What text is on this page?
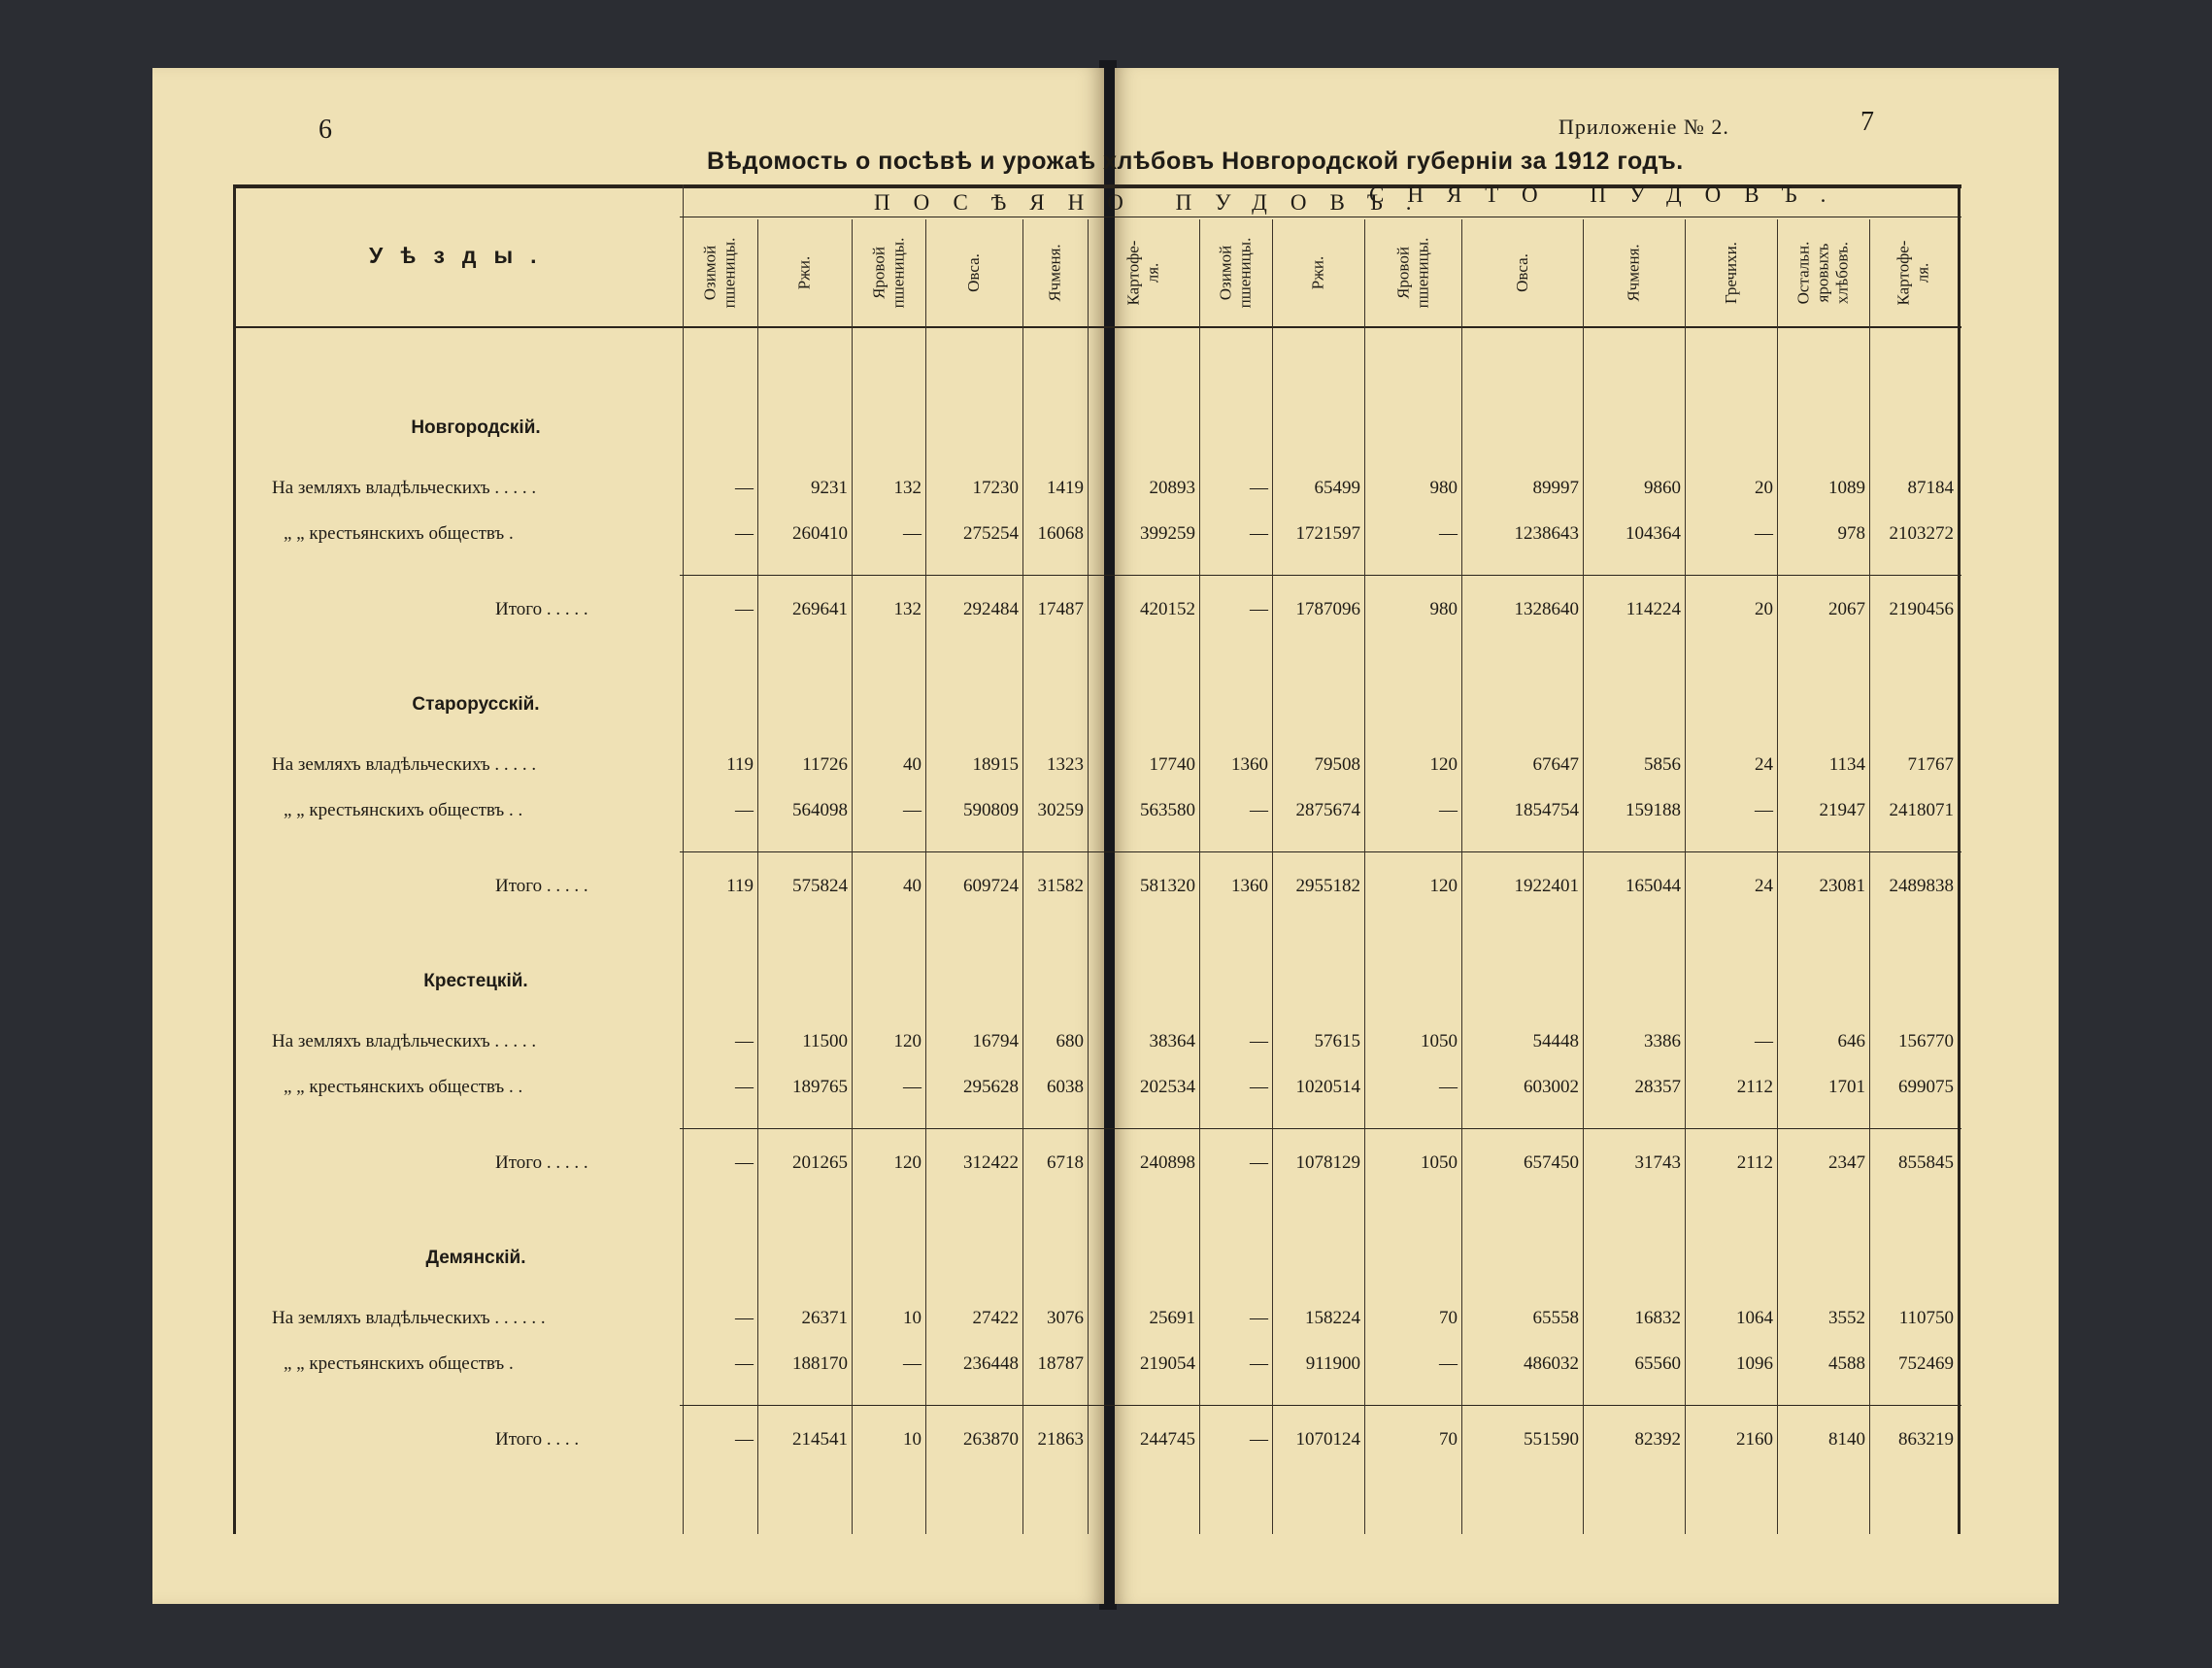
6	7
Приложеніе № 2.
Вѣдомость о посѣвѣ и урожаѣ хлѣбовъ Новгородской губерніи за 1912 годъ.
Уѣзды.
ПОСѢЯНО ПУДОВЪ.
СНЯТО ПУДОВЪ.
Озимой
пшеницы.	Ржи.	Яровой
пшеницы.	Овса.	Ячменя.	Картофе-
ля.	Озимой
пшеницы.	Ржи.	Яровой
пшеницы.	Овса.	Ячменя.	Гречихи.	Остальн.
яровыхъ
хлѣбовъ.	Картофе-
ля.
Новгородскій.
На земляхъ владѣльческихъ . . . . .	—	9231	132	17230	1419	20893	—	65499	980	89997	9860	20	1089	87184
„ „ крестьянскихъ обществъ .	—	260410	—	275254	16068	399259	—	1721597	—	1238643	104364	—	978	2103272
Итого . . . . .	—	269641	132	292484	17487	420152	—	1787096	980	1328640	114224	20	2067	2190456
Старорусскій.
На земляхъ владѣльческихъ . . . . .	119	11726	40	18915	1323	17740	1360	79508	120	67647	5856	24	1134	71767
„ „ крестьянскихъ обществъ . .	—	564098	—	590809	30259	563580	—	2875674	—	1854754	159188	—	21947	2418071
Итого . . . . .	119	575824	40	609724	31582	581320	1360	2955182	120	1922401	165044	24	23081	2489838
Крестецкій.
На земляхъ владѣльческихъ . . . . .	—	11500	120	16794	680	38364	—	57615	1050	54448	3386	—	646	156770
„ „ крестьянскихъ обществъ . .	—	189765	—	295628	6038	202534	—	1020514	—	603002	28357	2112	1701	699075
Итого . . . . .	—	201265	120	312422	6718	240898	—	1078129	1050	657450	31743	2112	2347	855845
Демянскій.
На земляхъ владѣльческихъ . . . . . .	—	26371	10	27422	3076	25691	—	158224	70	65558	16832	1064	3552	110750
„ „ крестьянскихъ обществъ .	—	188170	—	236448	18787	219054	—	911900	—	486032	65560	1096	4588	752469
Итого . . . .	—	214541	10	263870	21863	244745	—	1070124	70	551590	82392	2160	8140	863219
